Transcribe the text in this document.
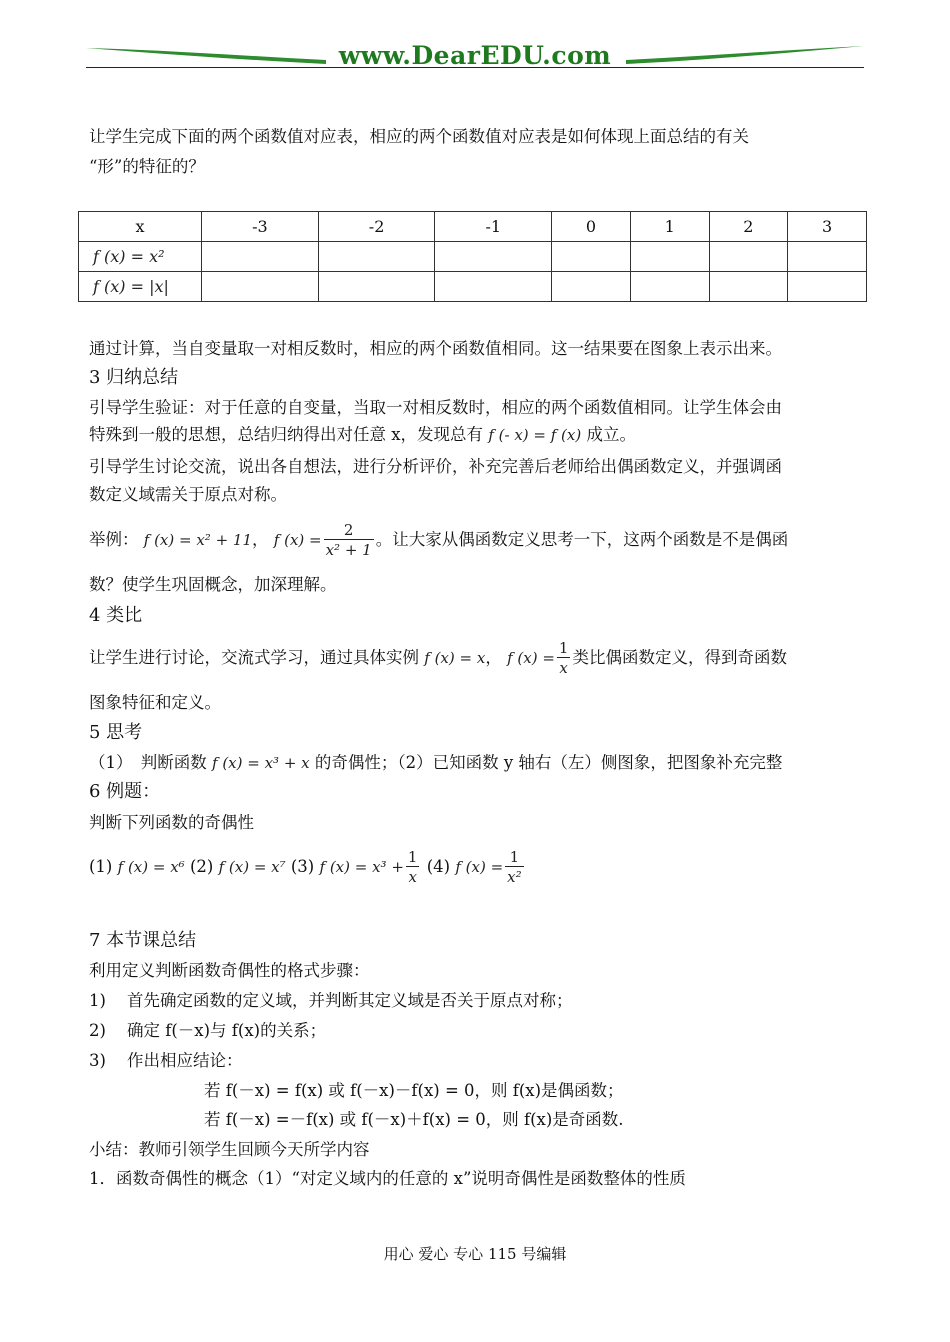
www.DearEDU.com
让学生完成下面的两个函数值对应表，相应的两个函数值对应表是如何体现上面总结的有关
“形”的特征的？
x	-3	-2	-1	0	1	2	3
f (x) = x²							
f (x) = |x|							
通过计算，当自变量取一对相反数时，相应的两个函数值相同。这一结果要在图象上表示出来。
3 归纳总结
引导学生验证：对于任意的自变量，当取一对相反数时，相应的两个函数值相同。让学生体会由
特殊到一般的思想，总结归纳得出对任意 x，发现总有 f (- x) = f (x) 成立。
引导学生讨论交流，说出各自想法，进行分析评价，补充完善后老师给出偶函数定义，并强调函
数定义域需关于原点对称。
举例： f (x) = x² + 11， f $(x) = \frac{2}{\text{x² + 1}}$ 。让大家从偶函数定义思考一下，这两个函数是不是偶函
数？使学生巩固概念，加深理解。
4 类比
让学生进行讨论，交流式学习，通过具体实例 f (x) = x， f $(x) = \frac{1}{x}$ 类比偶函数定义，得到奇函数
图象特征和定义。
5 思考
（1）　判断函数 f (x) = x³ + x 的奇偶性；（2）已知函数 y 轴右（左）侧图象，把图象补充完整
6 例题：
判断下列函数的奇偶性
(1) f (x) = x⁶ (2) f (x) = x⁷ (3) f $(x) = x^3 + \frac{1}{x} (4)$ f $(x) = \frac{1}{\text{x²}}$
7 本节课总结
利用定义判断函数奇偶性的格式步骤：
1) 首先确定函数的定义域，并判断其定义域是否关于原点对称；
2) 确定 f(－x)与 f(x)的关系；
3) 作出相应结论：
若 f(－x) = f(x) 或 f(－x)－f(x) = 0，则 f(x)是偶函数；
若 f(－x) =－f(x) 或 f(－x)＋f(x) = 0，则 f(x)是奇函数.
小结：教师引领学生回顾今天所学内容
1．函数奇偶性的概念（1）“对定义域内的任意的 x”说明奇偶性是函数整体的性质
用心 爱心 专心 115 号编辑
